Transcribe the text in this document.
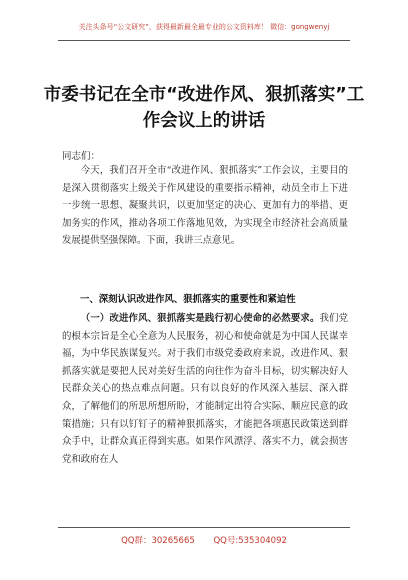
关注头条号“公文研究”，获得最新最全最专业的公文资料库！ 微信：gongwenyj
市委书记在全市“改进作风、狠抓落实”工作会议上的讲话
同志们：

今天，我们召开全市“改进作风、狠抓落实”工作会议，主要目的是深入贯彻落实上级关于作风建设的重要指示精神，动员全市上下进一步统一思想、凝聚共识，以更加坚定的决心、更加有力的举措、更加务实的作风，推动各项工作落地见效，为实现全市经济社会高质量发展提供坚强保障。下面，我讲三点意见。

一、深刻认识改进作风、狠抓落实的重要性和紧迫性

（一）改进作风、狠抓落实是践行初心使命的必然要求。我们党的根本宗旨是全心全意为人民服务，初心和使命就是为中国人民谋幸福，为中华民族谋复兴。对于我们市级党委政府来说，改进作风、狠抓落实就是要把人民对美好生活的向往作为奋斗目标，切实解决好人民群众关心的热点难点问题。只有以良好的作风深入基层、深入群众，了解他们的所思所想所盼，才能制定出符合实际、顺应民意的政策措施；只有以钉钉子的精神狠抓落实，才能把各项惠民政策送到群众手中，让群众真正得到实惠。如果作风漂浮、落实不力，就会损害党和政府在人

QQ群：30265665 QQ号:535304092
